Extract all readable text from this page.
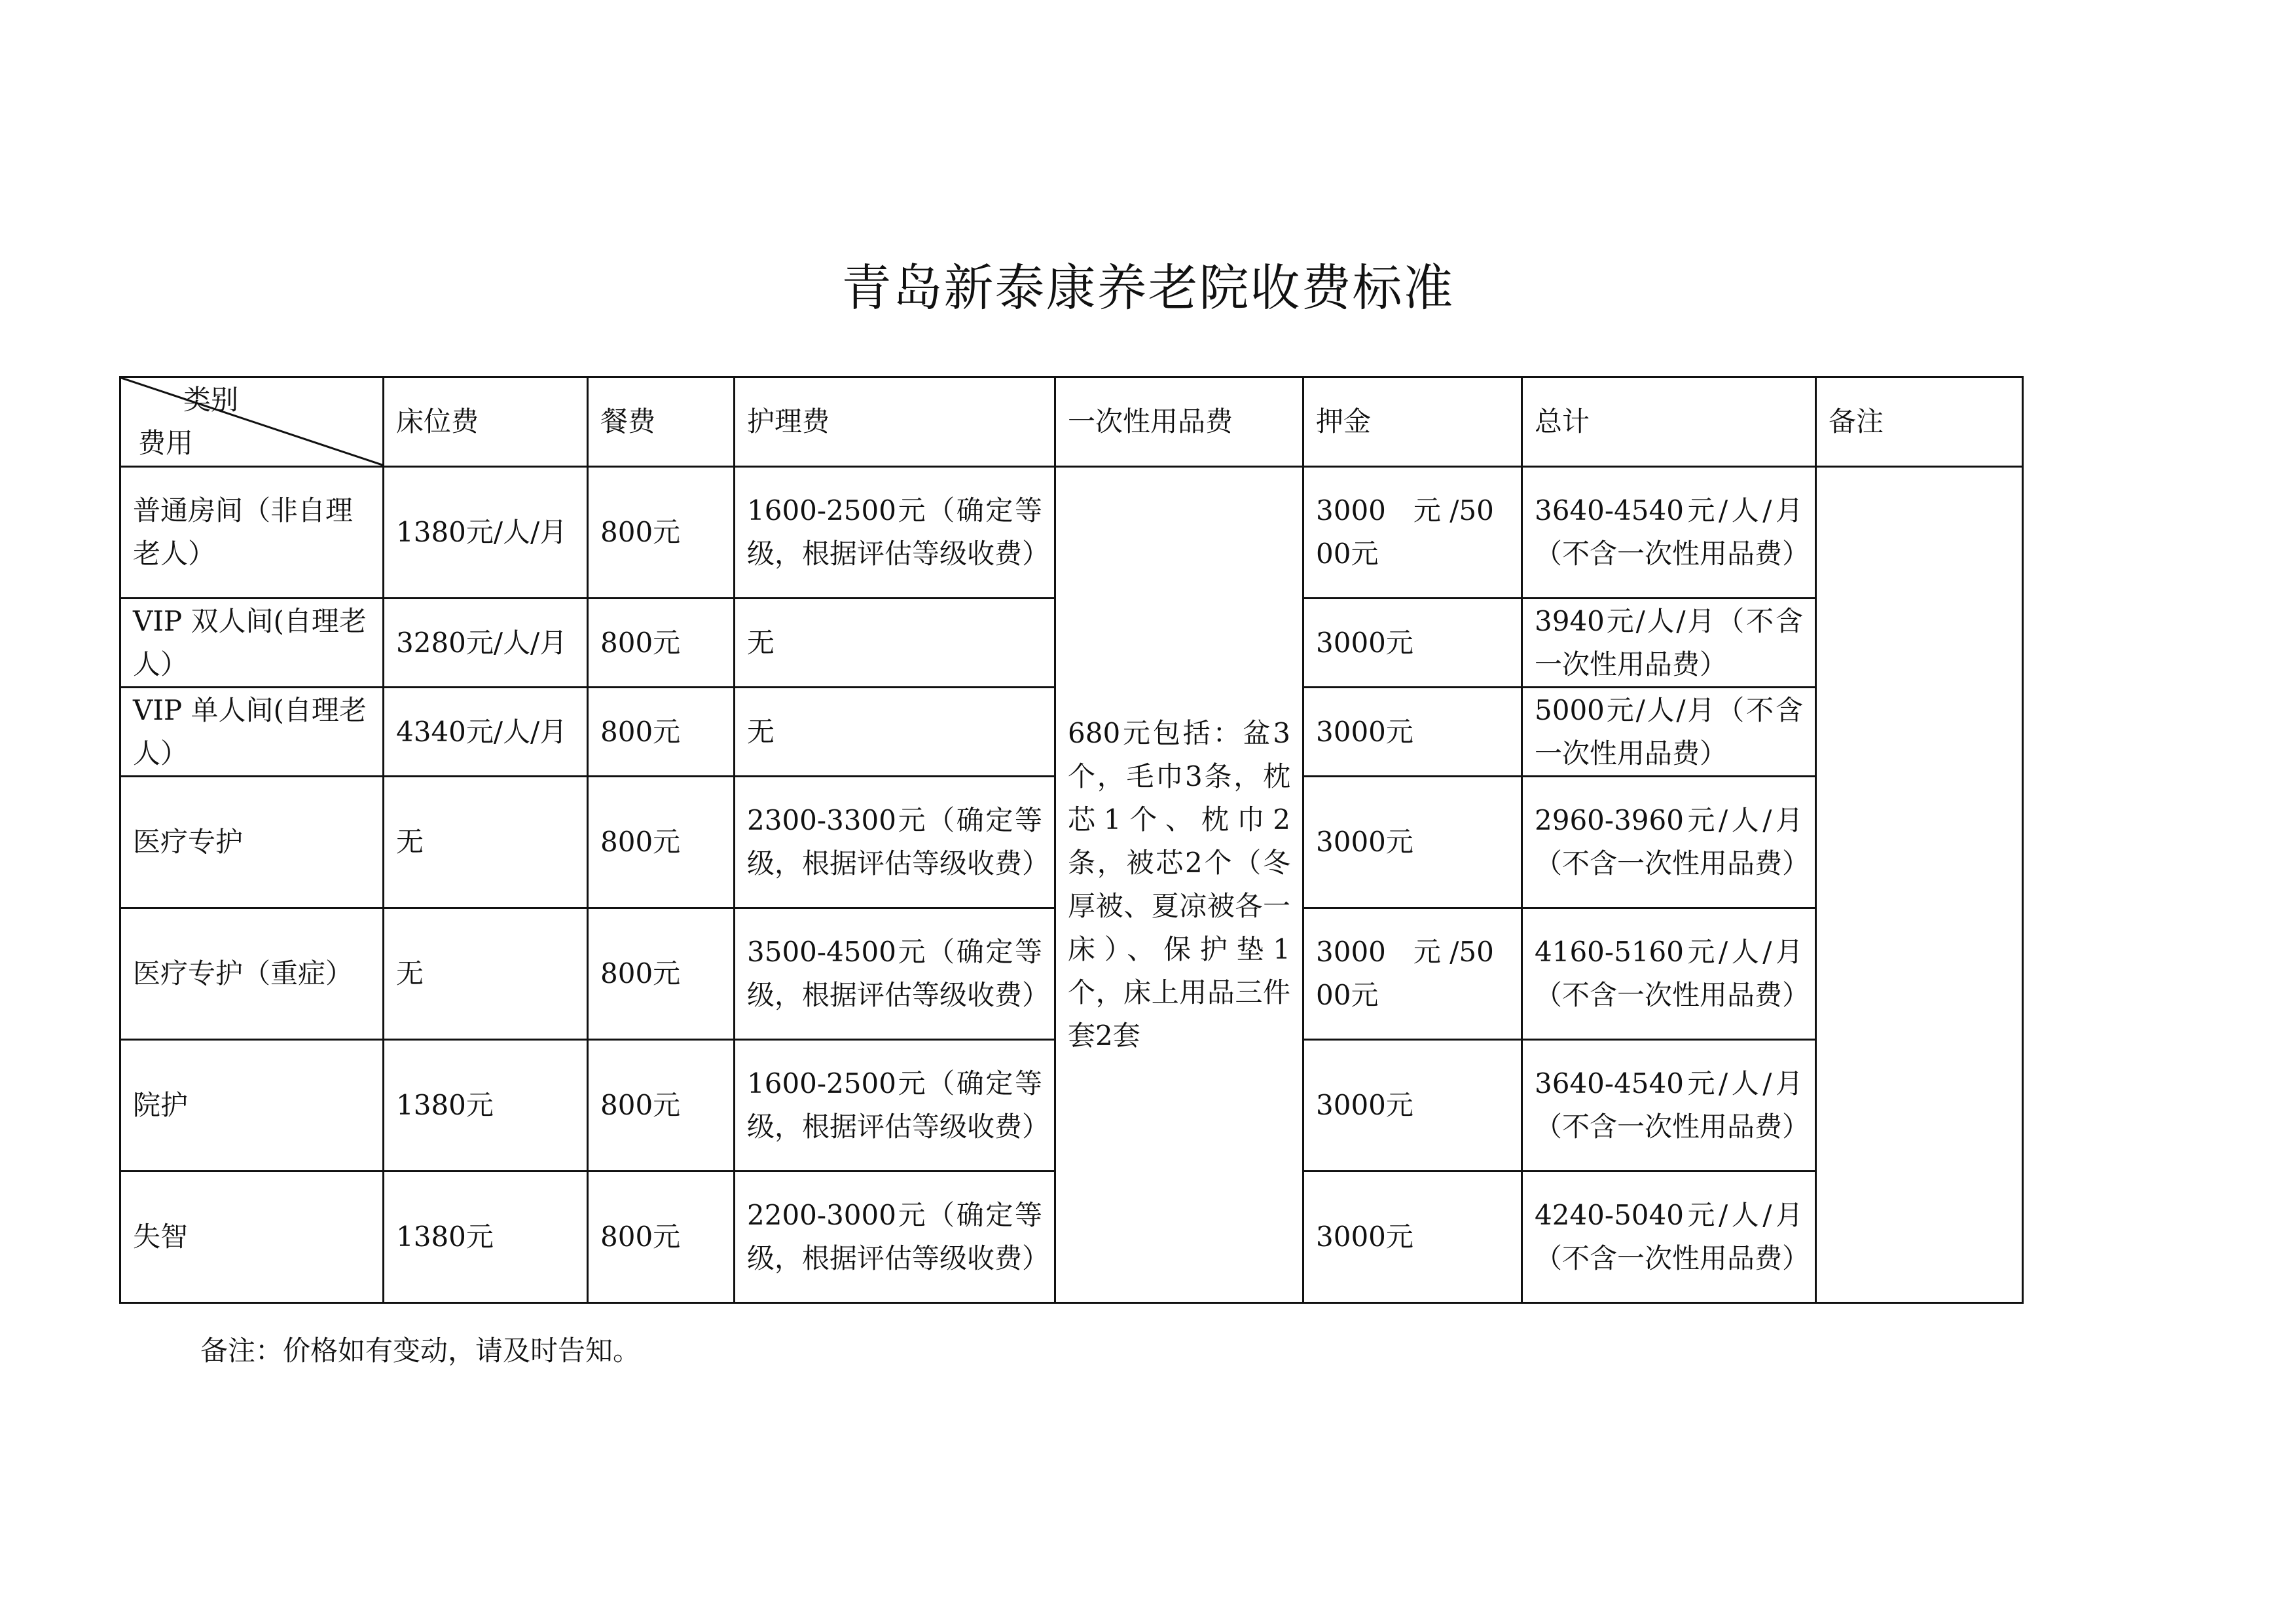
青岛新泰康养老院收费标准
类别
费用	床位费	餐费	护理费	一次性用品费	押金	总计	备注
普通房间（非自理老人）	1380元/人/月	800元	1600-2500元（确定等级，根据评估等级收费）	680元包括：盆3个，毛巾3条，枕芯1个、枕巾2条，被芯2个（冬厚被、夏凉被各一床）、保护垫1个，床上用品三件套2套	3000　元 /5000元	3640-4540元/人/月（不含一次性用品费）	
VIP 双人间(自理老人）	3280元/人/月	800元	无		3000元	3940元/人/月（不含一次性用品费）	
VIP 单人间(自理老人）	4340元/人/月	800元	无		3000元	5000元/人/月（不含一次性用品费）	
医疗专护	无	800元	2300-3300元（确定等级，根据评估等级收费）		3000元	2960-3960元/人/月（不含一次性用品费）	
医疗专护（重症）	无	800元	3500-4500元（确定等级，根据评估等级收费）		3000　元 /5000元	4160-5160元/人/月（不含一次性用品费）	
院护	1380元	800元	1600-2500元（确定等级，根据评估等级收费）		3000元	3640-4540元/人/月（不含一次性用品费）	
失智	1380元	800元	2200-3000元（确定等级，根据评估等级收费）		3000元	4240-5040元/人/月（不含一次性用品费）	
备注：价格如有变动，请及时告知。
